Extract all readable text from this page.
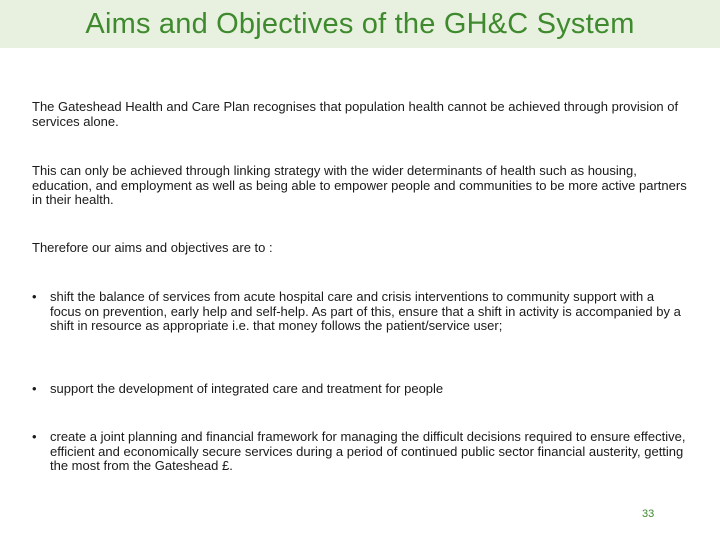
Aims and Objectives of the GH&C System

The Gateshead Health and Care Plan recognises that population health cannot be achieved through provision of services alone.

This can only be achieved through linking strategy with the wider determinants of health such as housing, education, and employment as well as being able to empower people and communities to be more active partners in their health.

Therefore our aims and objectives are to :

• shift the balance of services from acute hospital care and crisis interventions to community support with a focus on prevention, early help and self-help. As part of this, ensure that a shift in activity is accompanied by a shift in resource as appropriate i.e. that money follows the patient/service user;
• support the development of integrated care and treatment for people
• create a joint planning and financial framework for managing the difficult decisions required to ensure effective, efficient and economically secure services during a period of continued public sector financial austerity, getting the most from the Gateshead £.
33
